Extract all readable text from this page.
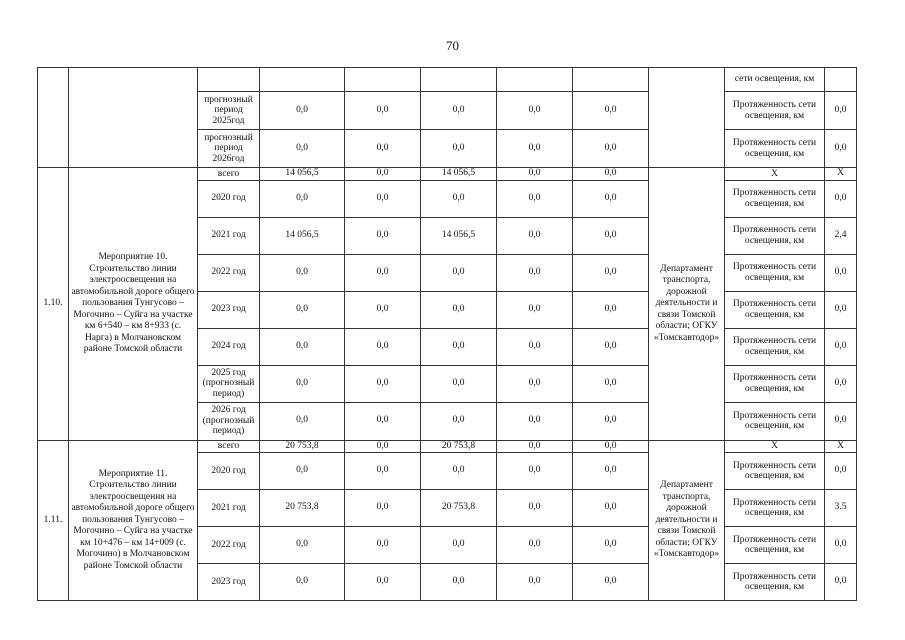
70
									сети освещения, км	
		прогнозный период 2025год	0,0	0,0	0,0	0,0	0,0		Протяженность сети освещения, км	0,0
		прогнозный период 2026год	0,0	0,0	0,0	0,0	0,0		Протяженность сети освещения, км	0,0
1.10.	Мероприятие 10. Строительство линии электроосвещения на автомобильной дороге общего пользования Тунгусово – Могочино – Суйга на участке км 6+540 – км 8+933 (с. Нарга) в Молчановском районе Томской области	всего	14 056,5	0,0	14 056,5	0,0	0,0	Департамент транспорта, дорожной деятельности и связи Томской области; ОГКУ «Томскавтодор»	Х	Х
		2020 год	0,0	0,0	0,0	0,0	0,0		Протяженность сети освещения, км	0,0
		2021 год	14 056,5	0,0	14 056,5	0,0	0,0		Протяженность сети освещения, км	2,4
		2022 год	0,0	0,0	0,0	0,0	0,0		Протяженность сети освещения, км	0,0
		2023 год	0,0	0,0	0,0	0,0	0,0		Протяженность сети освещения, км	0,0
		2024 год	0,0	0,0	0,0	0,0	0,0		Протяженность сети освещения, км	0,0
		2025 год (прогнозный период)	0,0	0,0	0,0	0,0	0,0		Протяженность сети освещения, км	0,0
		2026 год (прогнозный период)	0,0	0,0	0,0	0,0	0,0		Протяженность сети освещения, км	0,0
1.11.	Мероприятие 11. Строительство линии электроосвещения на автомобильной дороге общего пользования Тунгусово – Могочино – Суйга на участке км 10+476 – км 14+009 (с. Могочино) в Молчановском районе Томской области	всего	20 753,8	0,0	20 753,8	0,0	0,0	Департамент транспорта, дорожной деятельности и связи Томской области; ОГКУ «Томскавтодор»	Х	Х
		2020 год	0,0	0,0	0,0	0,0	0,0		Протяженность сети освещения, км	0,0
		2021 год	20 753,8	0,0	20 753,8	0,0	0,0		Протяженность сети освещения, км	3.5
		2022 год	0,0	0,0	0,0	0,0	0,0		Протяженность сети освещения, км	0,0
		2023 год	0,0	0,0	0,0	0,0	0,0		Протяженность сети освещения, км	0,0
